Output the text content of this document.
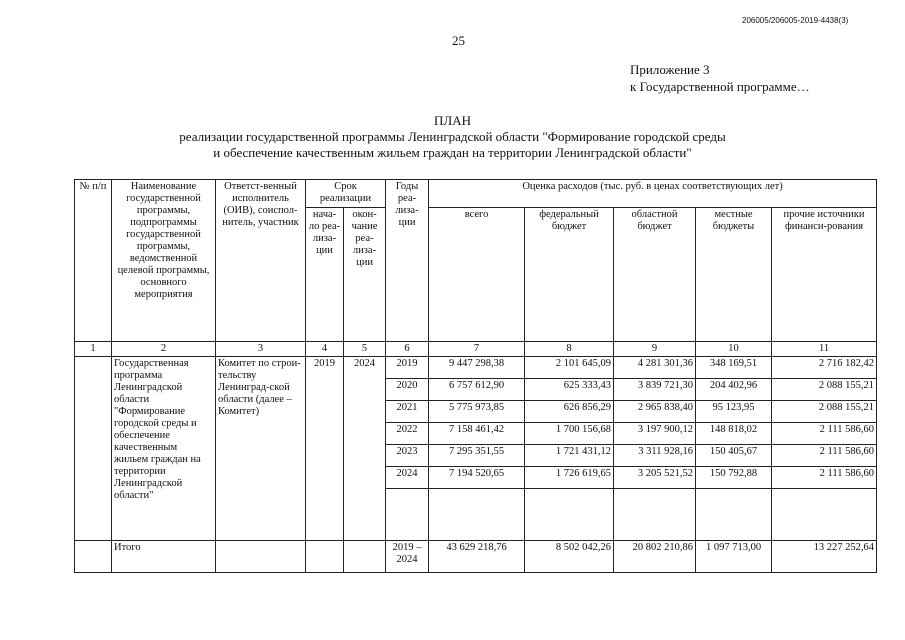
206005/206005-2019-4438(3)
25
Приложение 3
к Государственной программе…
ПЛАН
реализации государственной программы Ленинградской области "Формирование городской среды
и обеспечение качественным жильем граждан на территории Ленинградской области"
№ п/п	Наименование государственной программы, подпрограммы государственной программы, ведомственной целевой программы, основного мероприятия	Ответст-венный исполнитель (ОИВ), соиспол-нитель, участник	Срок реализации		Годы реа-лиза-ции	Оценка расходов (тыс. руб. в ценах соответствующих лет)				
			нача-ло реа-лиза-ции	окон-чание реа-лиза-ции		всего	федеральный бюджет	областной бюджет	местные бюджеты	прочие источники финанси-рования
1	2	3	4	5	6	7	8	9	10	11
	Государственная программа Ленинградской области "Формирование городской среды и обеспечение качественным жильем граждан на территории Ленинградской области"	Комитет по строи-тельству Ленинград-ской области (далее – Комитет)	2019	2024	2019	9 447 298,38	2 101 645,09	4 281 301,36	348 169,51	2 716 182,42
					2020	6 757 612,90	625 333,43	3 839 721,30	204 402,96	2 088 155,21
					2021	5 775 973,85	626 856,29	2 965 838,40	95 123,95	2 088 155,21
					2022	7 158 461,42	1 700 156,68	3 197 900,12	148 818,02	2 111 586,60
					2023	7 295 351,55	1 721 431,12	3 311 928,16	150 405,67	2 111 586,60
					2024	7 194 520,65	1 726 619,65	3 205 521,52	150 792,88	2 111 586,60

	Итого				2019 – 2024	43 629 218,76	8 502 042,26	20 802 210,86	1 097 713,00	13 227 252,64
